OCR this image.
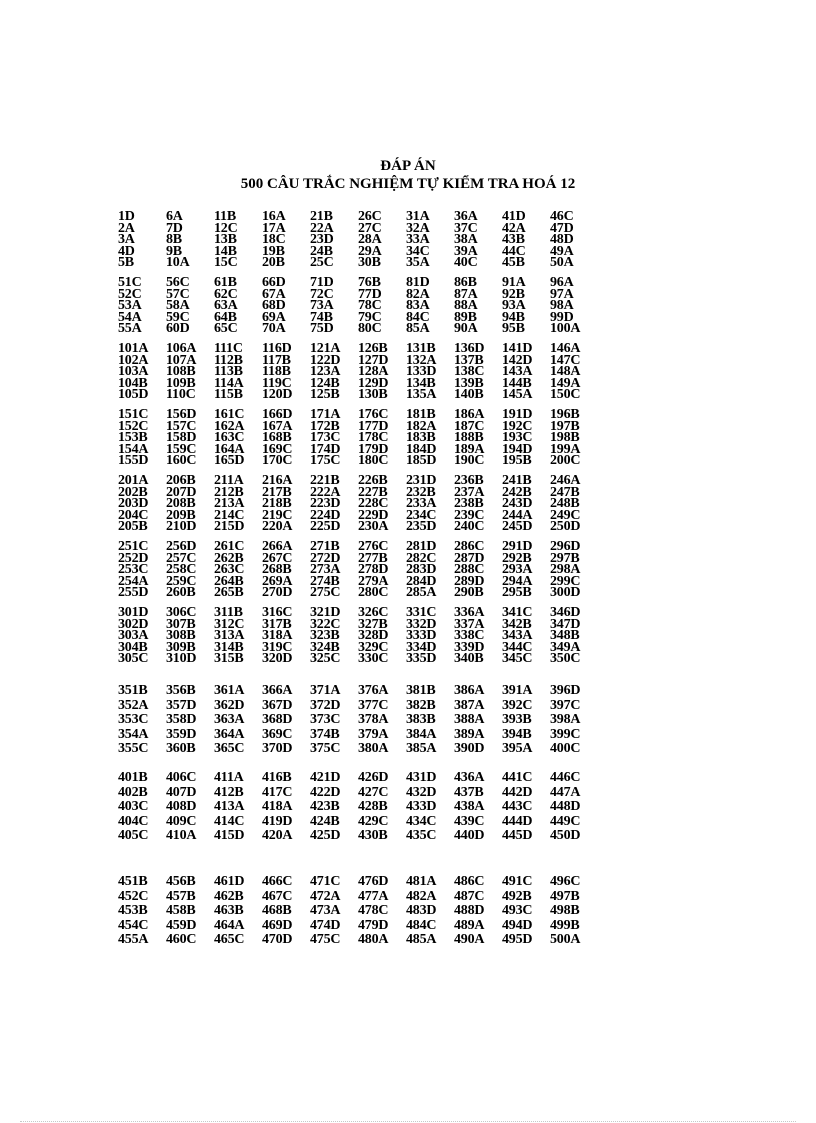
ĐÁP ÁN
500 CÂU TRẮC NGHIỆM TỰ KIỂM TRA HOÁ 12
1D 6A 11B 16A 21B 26C 31A 36A 41D 46C
2A 7D 12C 17A 22A 27C 32A 37C 42A 47D
3A 8B 13B 18C 23D 28A 33A 38A 43B 48D
4D 9B 14B 19B 24B 29A 34C 39A 44C 49A
5B 10A 15C 20B 25C 30B 35A 40C 45B 50A
51C 56C 61B 66D 71D 76B 81D 86B 91A 96A
52C 57C 62C 67A 72C 77D 82A 87A 92B 97A
53A 58A 63A 68D 73A 78C 83A 88A 93A 98A
54A 59C 64B 69A 74B 79C 84C 89B 94B 99D
55A 60D 65C 70A 75D 80C 85A 90A 95B 100A
101A 106A 111C 116D 121A 126B 131B 136D 141D 146A
102A 107A 112B 117B 122D 127D 132A 137B 142D 147C
103A 108B 113B 118B 123A 128A 133D 138C 143A 148A
104B 109B 114A 119C 124B 129D 134B 139B 144B 149A
105D 110C 115B 120D 125B 130B 135A 140B 145A 150C
151C 156D 161C 166D 171A 176C 181B 186A 191D 196B
152C 157C 162A 167A 172B 177D 182A 187C 192C 197B
153B 158D 163C 168B 173C 178C 183B 188B 193C 198B
154A 159C 164A 169C 174D 179D 184D 189A 194D 199A
155D 160C 165D 170C 175C 180C 185D 190C 195B 200C
201A 206B 211A 216A 221B 226B 231D 236B 241B 246A
202B 207D 212B 217B 222A 227B 232B 237A 242B 247B
203D 208B 213A 218B 223D 228C 233A 238B 243D 248B
204C 209B 214C 219C 224D 229D 234C 239C 244A 249C
205B 210D 215D 220A 225D 230A 235D 240C 245D 250D
251C 256D 261C 266A 271B 276C 281D 286C 291D 296D
252D 257C 262B 267C 272D 277B 282C 287D 292B 297B
253C 258C 263C 268B 273A 278D 283D 288C 293A 298A
254A 259C 264B 269A 274B 279A 284D 289D 294A 299C
255D 260B 265B 270D 275C 280C 285A 290B 295B 300D
301D 306C 311B 316C 321D 326C 331C 336A 341C 346D
302D 307B 312C 317B 322C 327B 332D 337A 342B 347D
303A 308B 313A 318A 323B 328D 333D 338C 343A 348B
304B 309B 314B 319C 324B 329C 334D 339D 344C 349A
305C 310D 315B 320D 325C 330C 335D 340B 345C 350C
351B 356B 361A 366A 371A 376A 381B 386A 391A 396D
352A 357D 362D 367D 372D 377C 382B 387A 392C 397C
353C 358D 363A 368D 373C 378A 383B 388A 393B 398A
354A 359D 364A 369C 374B 379A 384A 389A 394B 399C
355C 360B 365C 370D 375C 380A 385A 390D 395A 400C
401B 406C 411A 416B 421D 426D 431D 436A 441C 446C
402B 407D 412B 417C 422D 427C 432D 437B 442D 447A
403C 408D 413A 418A 423B 428B 433D 438A 443C 448D
404C 409C 414C 419D 424B 429C 434C 439C 444D 449C
405C 410A 415D 420A 425D 430B 435C 440D 445D 450D
451B 456B 461D 466C 471C 476D 481A 486C 491C 496C
452C 457B 462B 467C 472A 477A 482A 487C 492B 497B
453B 458B 463B 468B 473A 478C 483D 488D 493C 498B
454C 459D 464A 469D 474D 479D 484C 489A 494D 499B
455A 460C 465C 470D 475C 480A 485A 490A 495D 500A
